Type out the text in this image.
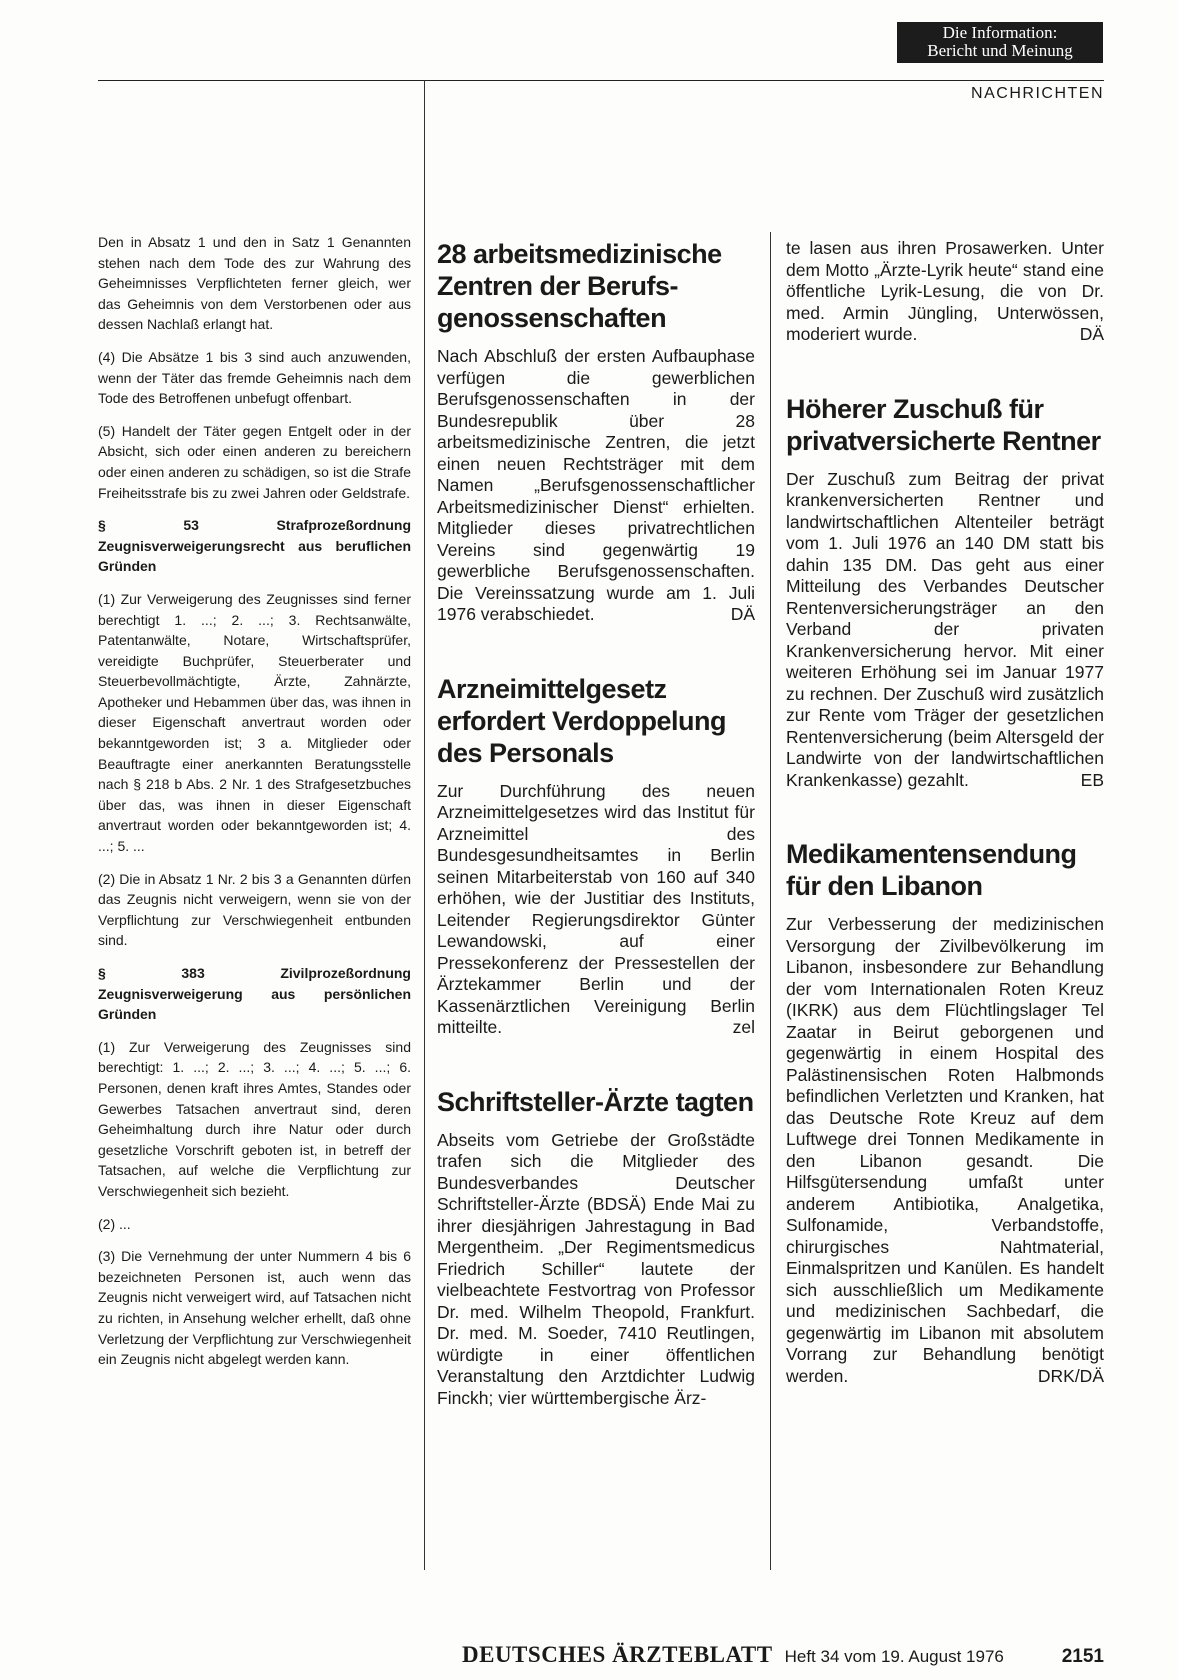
Die Information:
Bericht und Meinung
NACHRICHTEN

Den in Absatz 1 und den in Satz 1 Genannten stehen nach dem Tode des zur Wahrung des Geheimnisses Verpflichteten ferner gleich, wer das Geheimnis von dem Verstorbenen oder aus dessen Nachlaß erlangt hat.

(4) Die Absätze 1 bis 3 sind auch anzuwenden, wenn der Täter das fremde Geheimnis nach dem Tode des Betroffenen unbefugt offenbart.

(5) Handelt der Täter gegen Entgelt oder in der Absicht, sich oder einen anderen zu bereichern oder einen anderen zu schädigen, so ist die Strafe Freiheitsstrafe bis zu zwei Jahren oder Geldstrafe.

§ 53 Strafprozeßordnung Zeugnisverweigerungsrecht aus beruflichen Gründen

(1) Zur Verweigerung des Zeugnisses sind ferner berechtigt 1. ...; 2. ...; 3. Rechtsanwälte, Patentanwälte, Notare, Wirtschaftsprüfer, vereidigte Buchprüfer, Steuerberater und Steuerbevollmächtigte, Ärzte, Zahnärzte, Apotheker und Hebammen über das, was ihnen in dieser Eigenschaft anvertraut worden oder bekanntgeworden ist; 3 a. Mitglieder oder Beauftragte einer anerkannten Beratungsstelle nach § 218 b Abs. 2 Nr. 1 des Strafgesetzbuches über das, was ihnen in dieser Eigenschaft anvertraut worden oder bekanntgeworden ist; 4. ...; 5. ...

(2) Die in Absatz 1 Nr. 2 bis 3 a Genannten dürfen das Zeugnis nicht verweigern, wenn sie von der Verpflichtung zur Verschwiegenheit entbunden sind.

§ 383 Zivilprozeßordnung Zeugnisverweigerung aus persönlichen Gründen

(1) Zur Verweigerung des Zeugnisses sind berechtigt: 1. ...; 2. ...; 3. ...; 4. ...; 5. ...; 6. Personen, denen kraft ihres Amtes, Standes oder Gewerbes Tatsachen anvertraut sind, deren Geheimhaltung durch ihre Natur oder durch gesetzliche Vorschrift geboten ist, in betreff der Tatsachen, auf welche die Verpflichtung zur Verschwiegenheit sich bezieht.

(2) ...

(3) Die Vernehmung der unter Nummern 4 bis 6 bezeichneten Personen ist, auch wenn das Zeugnis nicht verweigert wird, auf Tatsachen nicht zu richten, in Ansehung welcher erhellt, daß ohne Verletzung der Verpflichtung zur Verschwiegenheit ein Zeugnis nicht abgelegt werden kann.

28 arbeitsmedizinische Zentren der Berufs- genossenschaften

Nach Abschluß der ersten Aufbauphase verfügen die gewerblichen Berufsgenossenschaften in der Bundesrepublik über 28 arbeitsmedizinische Zentren, die jetzt einen neuen Rechtsträger mit dem Namen „Berufsgenossenschaftlicher Arbeitsmedizinischer Dienst“ erhielten. Mitglieder dieses privatrechtlichen Vereins sind gegenwärtig 19 gewerbliche Berufsgenossenschaften. Die Vereinssatzung wurde am 1. Juli 1976 verabschiedet.	DÄ

Arzneimittelgesetz erfordert Verdoppelung des Personals

Zur Durchführung des neuen Arzneimittelgesetzes wird das Institut für Arzneimittel des Bundesgesundheitsamtes in Berlin seinen Mitarbeiterstab von 160 auf 340 erhöhen, wie der Justitiar des Instituts, Leitender Regierungsdirektor Günter Lewandowski, auf einer Pressekonferenz der Pressestellen der Ärztekammer Berlin und der Kassenärztlichen Vereinigung Berlin mitteilte.	zel

Schriftsteller-Ärzte tagten

Abseits vom Getriebe der Großstädte trafen sich die Mitglieder des Bundesverbandes Deutscher Schriftsteller-Ärzte (BDSÄ) Ende Mai zu ihrer diesjährigen Jahrestagung in Bad Mergentheim. „Der Regimentsmedicus Friedrich Schiller“ lautete der vielbeachtete Festvortrag von Professor Dr. med. Wilhelm Theopold, Frankfurt. Dr. med. M. Soeder, 7410 Reutlingen, würdigte in einer öffentlichen Veranstaltung den Arztdichter Ludwig Finckh; vier württembergische Ärz-

te lasen aus ihren Prosawerken. Unter dem Motto „Ärzte-Lyrik heute“ stand eine öffentliche Lyrik-Lesung, die von Dr. med. Armin Jüngling, Unterwössen, moderiert wurde.	DÄ

Höherer Zuschuß für privatversicherte Rentner

Der Zuschuß zum Beitrag der privat krankenversicherten Rentner und landwirtschaftlichen Altenteiler beträgt vom 1. Juli 1976 an 140 DM statt bis dahin 135 DM. Das geht aus einer Mitteilung des Verbandes Deutscher Rentenversicherungsträger an den Verband der privaten Krankenversicherung hervor. Mit einer weiteren Erhöhung sei im Januar 1977 zu rechnen. Der Zuschuß wird zusätzlich zur Rente vom Träger der gesetzlichen Rentenversicherung (beim Altersgeld der Landwirte von der landwirtschaftlichen Krankenkasse) gezahlt.	EB

Medikamentensendung für den Libanon

Zur Verbesserung der medizinischen Versorgung der Zivilbevölkerung im Libanon, insbesondere zur Behandlung der vom Internationalen Roten Kreuz (IKRK) aus dem Flüchtlingslager Tel Zaatar in Beirut geborgenen und gegenwärtig in einem Hospital des Palästinensischen Roten Halbmonds befindlichen Verletzten und Kranken, hat das Deutsche Rote Kreuz auf dem Luftwege drei Tonnen Medikamente in den Libanon gesandt. Die Hilfsgütersendung umfaßt unter anderem Antibiotika, Analgetika, Sulfonamide, Verbandstoffe, chirurgisches Nahtmaterial, Einmalspritzen und Kanülen. Es handelt sich ausschließlich um Medikamente und medizinischen Sachbedarf, die gegenwärtig im Libanon mit absolutem Vorrang zur Behandlung benötigt werden.	DRK/DÄ

DEUTSCHES ÄRZTEBLATT Heft 34 vom 19. August 1976	2151
